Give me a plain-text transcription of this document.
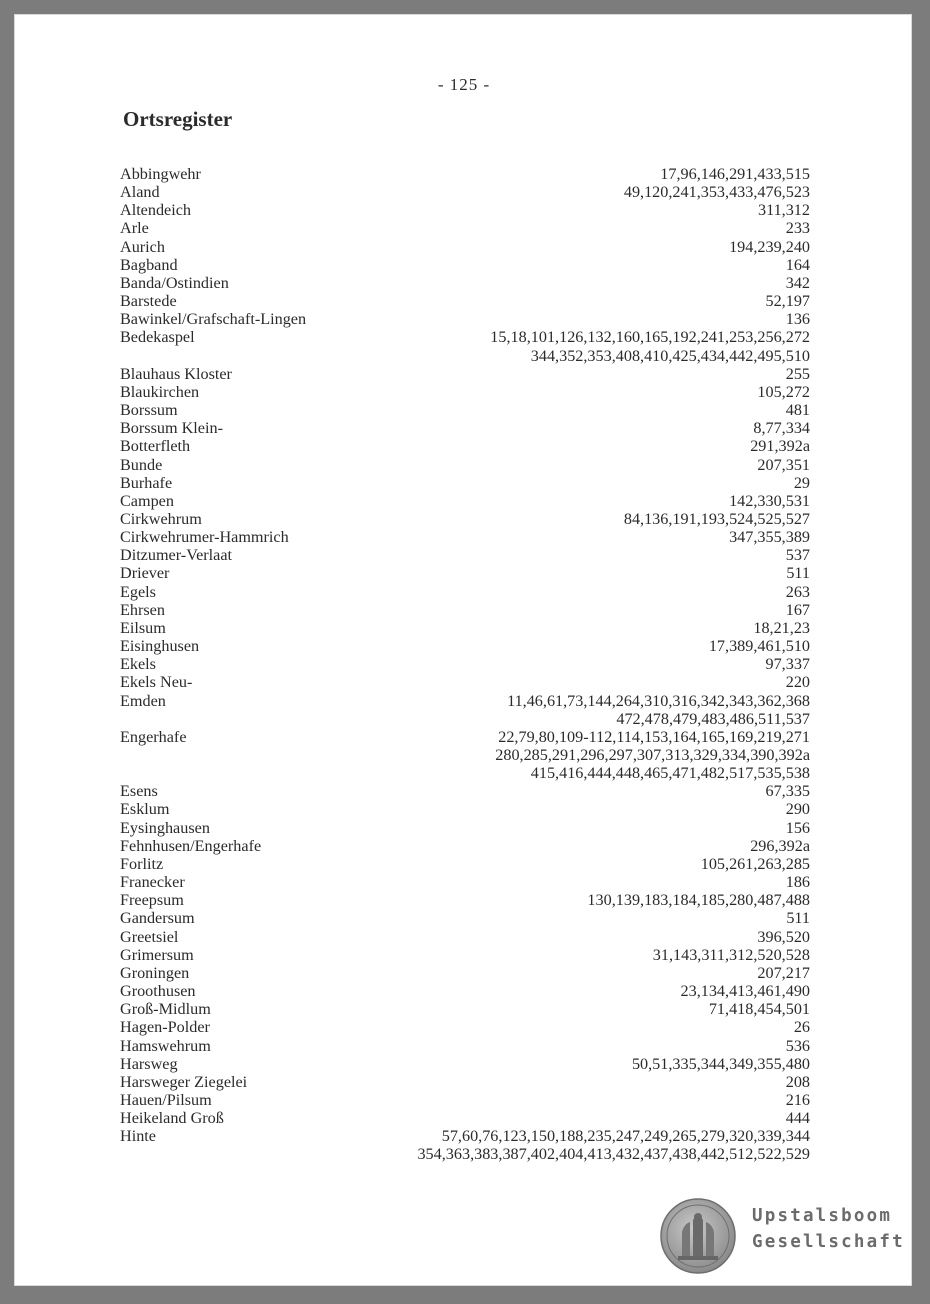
- 125 -
Ortsregister
Abbingwehr	17,96,146,291,433,515
Aland	49,120,241,353,433,476,523
Altendeich	311,312
Arle	233
Aurich	194,239,240
Bagband	164
Banda/Ostindien	342
Barstede	52,197
Bawinkel/Grafschaft-Lingen	136
Bedekaspel	15,18,101,126,132,160,165,192,241,253,256,272
344,352,353,408,410,425,434,442,495,510
Blauhaus Kloster	255
Blaukirchen	105,272
Borssum	481
Borssum Klein-	8,77,334
Botterfleth	291,392a
Bunde	207,351
Burhafe	29
Campen	142,330,531
Cirkwehrum	84,136,191,193,524,525,527
Cirkwehrumer-Hammrich	347,355,389
Ditzumer-Verlaat	537
Driever	511
Egels	263
Ehrsen	167
Eilsum	18,21,23
Eisinghusen	17,389,461,510
Ekels	97,337
Ekels Neu-	220
Emden	11,46,61,73,144,264,310,316,342,343,362,368
472,478,479,483,486,511,537
Engerhafe	22,79,80,109-112,114,153,164,165,169,219,271
280,285,291,296,297,307,313,329,334,390,392a
415,416,444,448,465,471,482,517,535,538
Esens	67,335
Esklum	290
Eysinghausen	156
Fehnhusen/Engerhafe	296,392a
Forlitz	105,261,263,285
Franecker	186
Freepsum	130,139,183,184,185,280,487,488
Gandersum	511
Greetsiel	396,520
Grimersum	31,143,311,312,520,528
Groningen	207,217
Groothusen	23,134,413,461,490
Groß-Midlum	71,418,454,501
Hagen-Polder	26
Hamswehrum	536
Harsweg	50,51,335,344,349,355,480
Harsweger Ziegelei	208
Hauen/Pilsum	216
Heikeland Groß	444
Hinte	57,60,76,123,150,188,235,247,249,265,279,320,339,344
354,363,383,387,402,404,413,432,437,438,442,512,522,529
Upstalsboom
Gesellschaft
